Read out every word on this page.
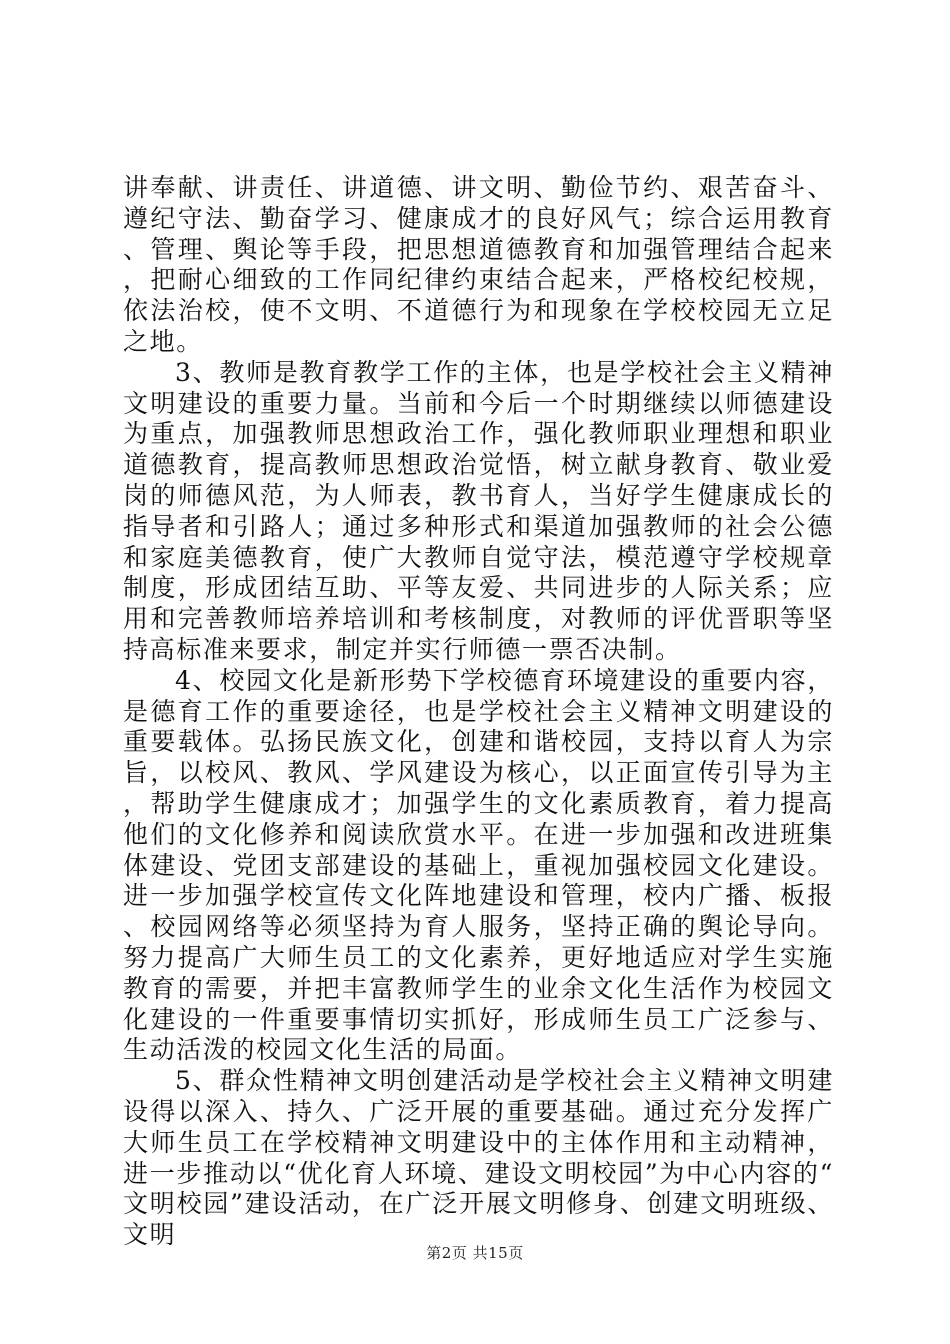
讲奉献、讲责任、讲道德、讲文明、勤俭节约、艰苦奋斗、遵纪守法、勤奋学习、健康成才的良好风气；综合运用教育、管理、舆论等手段，把思想道德教育和加强管理结合起来，把耐心细致的工作同纪律约束结合起来，严格校纪校规，依法治校，使不文明、不道德行为和现象在学校校园无立足之地。

3、教师是教育教学工作的主体，也是学校社会主义精神文明建设的重要力量。当前和今后一个时期继续以师德建设为重点，加强教师思想政治工作，强化教师职业理想和职业道德教育，提高教师思想政治觉悟，树立献身教育、敬业爱岗的师德风范，为人师表，教书育人，当好学生健康成长的指导者和引路人；通过多种形式和渠道加强教师的社会公德和家庭美德教育，使广大教师自觉守法，模范遵守学校规章制度，形成团结互助、平等友爱、共同进步的人际关系；应用和完善教师培养培训和考核制度，对教师的评优晋职等坚持高标准来要求，制定并实行师德一票否决制。

4、校园文化是新形势下学校德育环境建设的重要内容，是德育工作的重要途径，也是学校社会主义精神文明建设的重要载体。弘扬民族文化，创建和谐校园，支持以育人为宗旨，以校风、教风、学风建设为核心，以正面宣传引导为主，帮助学生健康成才；加强学生的文化素质教育，着力提高他们的文化修养和阅读欣赏水平。在进一步加强和改进班集体建设、党团支部建设的基础上，重视加强校园文化建设。进一步加强学校宣传文化阵地建设和管理，校内广播、板报、校园网络等必须坚持为育人服务，坚持正确的舆论导向。努力提高广大师生员工的文化素养，更好地适应对学生实施教育的需要，并把丰富教师学生的业余文化生活作为校园文化建设的一件重要事情切实抓好，形成师生员工广泛参与、生动活泼的校园文化生活的局面。

5、群众性精神文明创建活动是学校社会主义精神文明建设得以深入、持久、广泛开展的重要基础。通过充分发挥广大师生员工在学校精神文明建设中的主体作用和主动精神，进一步推动以“优化育人环境、建设文明校园”为中心内容的“文明校园”建设活动，在广泛开展文明修身、创建文明班级、文明

第2页 共15页
